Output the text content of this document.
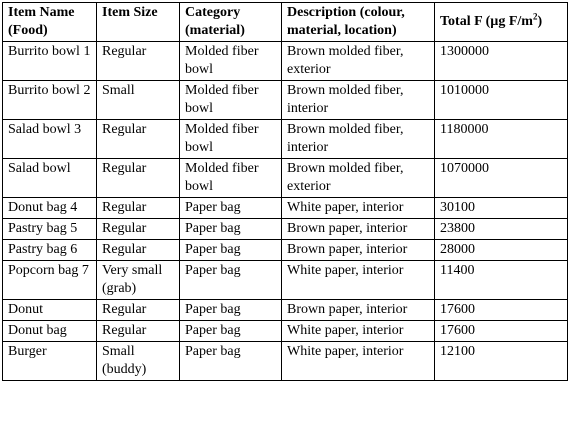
Item Name (Food)	Item Size	Category (material)	Description (colour, material, location)	Total F (µg $F/m^2$)
Burrito bowl 1	Regular	Molded fiber bowl	Brown molded fiber, exterior	1300000
Burrito bowl 2	Small	Molded fiber bowl	Brown molded fiber, interior	1010000
Salad bowl 3	Regular	Molded fiber bowl	Brown molded fiber, interior	1180000
Salad bowl	Regular	Molded fiber bowl	Brown molded fiber, exterior	1070000
Donut bag 4	Regular	Paper bag	White paper, interior	30100
Pastry bag 5	Regular	Paper bag	Brown paper, interior	23800
Pastry bag 6	Regular	Paper bag	Brown paper, interior	28000
Popcorn bag 7	Very small (grab)	Paper bag	White paper, interior	11400
Donut	Regular	Paper bag	Brown paper, interior	17600
Donut bag	Regular	Paper bag	White paper, interior	17600
Burger	Small (buddy)	Paper bag	White paper, interior	12100
